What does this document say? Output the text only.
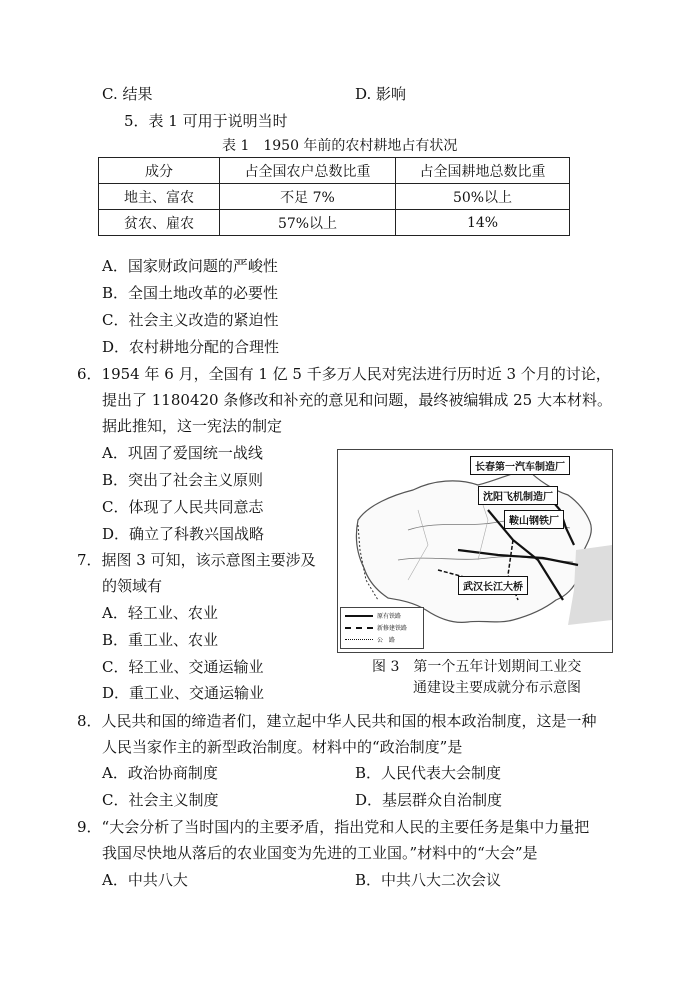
C. 结果	D. 影响
5．表 1 可用于说明当时
表 1　1950 年前的农村耕地占有状况
成分	占全国农户总数比重	占全国耕地总数比重
地主、富农	不足 7%	50%以上
贫农、雇农	57%以上	14%
A．国家财政问题的严峻性
B．全国土地改革的必要性
C．社会主义改造的紧迫性
D．农村耕地分配的合理性
6．1954 年 6 月，全国有 1 亿 5 千多万人民对宪法进行历时近 3 个月的讨论，
提出了 1180420 条修改和补充的意见和问题，最终被编辑成 25 大本材料。
据此推知，这一宪法的制定
A．巩固了爱国统一战线
B．突出了社会主义原则
C．体现了人民共同意志
D．确立了科教兴国战略
7．据图 3 可知，该示意图主要涉及
的领域有
A．轻工业、农业
B．重工业、农业
C．轻工业、交通运输业
D．重工业、交通运输业
长春第一汽车制造厂
沈阳飞机制造厂
鞍山钢铁厂
武汉长江大桥
原有铁路
新修建铁路
公　路
图 3　第一个五年计划期间工业交
通建设主要成就分布示意图
8．人民共和国的缔造者们，建立起中华人民共和国的根本政治制度，这是一种
人民当家作主的新型政治制度。材料中的“政治制度”是
A．政治协商制度	B．人民代表大会制度
C．社会主义制度	D．基层群众自治制度
9．“大会分析了当时国内的主要矛盾，指出党和人民的主要任务是集中力量把
我国尽快地从落后的农业国变为先进的工业国。”材料中的“大会”是
A．中共八大	B．中共八大二次会议
